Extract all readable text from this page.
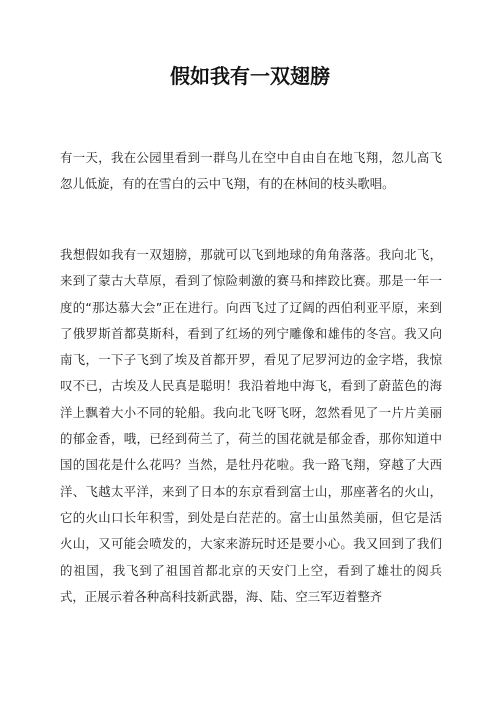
假如我有一双翅膀

有一天，我在公园里看到一群鸟儿在空中自由自在地飞翔，忽儿高飞忽儿低旋，有的在雪白的云中飞翔，有的在林间的枝头歌唱。

我想假如我有一双翅膀，那就可以飞到地球的角角落落。我向北飞，来到了蒙古大草原，看到了惊险刺激的赛马和摔跤比赛。那是一年一度的“那达慕大会”正在进行。向西飞过了辽阔的西伯利亚平原，来到了俄罗斯首都莫斯科，看到了红场的列宁雕像和雄伟的冬宫。我又向南飞，一下子飞到了埃及首都开罗，看见了尼罗河边的金字塔，我惊叹不已，古埃及人民真是聪明！我沿着地中海飞，看到了蔚蓝色的海洋上飘着大小不同的轮船。我向北飞呀飞呀，忽然看见了一片片美丽的郁金香，哦，已经到荷兰了，荷兰的国花就是郁金香，那你知道中国的国花是什么花吗？当然，是牡丹花啦。我一路飞翔，穿越了大西洋、飞越太平洋，来到了日本的东京看到富士山，那座著名的火山，它的火山口长年积雪，到处是白茫茫的。富士山虽然美丽，但它是活火山，又可能会喷发的，大家来游玩时还是要小心。我又回到了我们的祖国，我飞到了祖国首都北京的天安门上空，看到了雄壮的阅兵式，正展示着各种高科技新武器，海、陆、空三军迈着整齐
